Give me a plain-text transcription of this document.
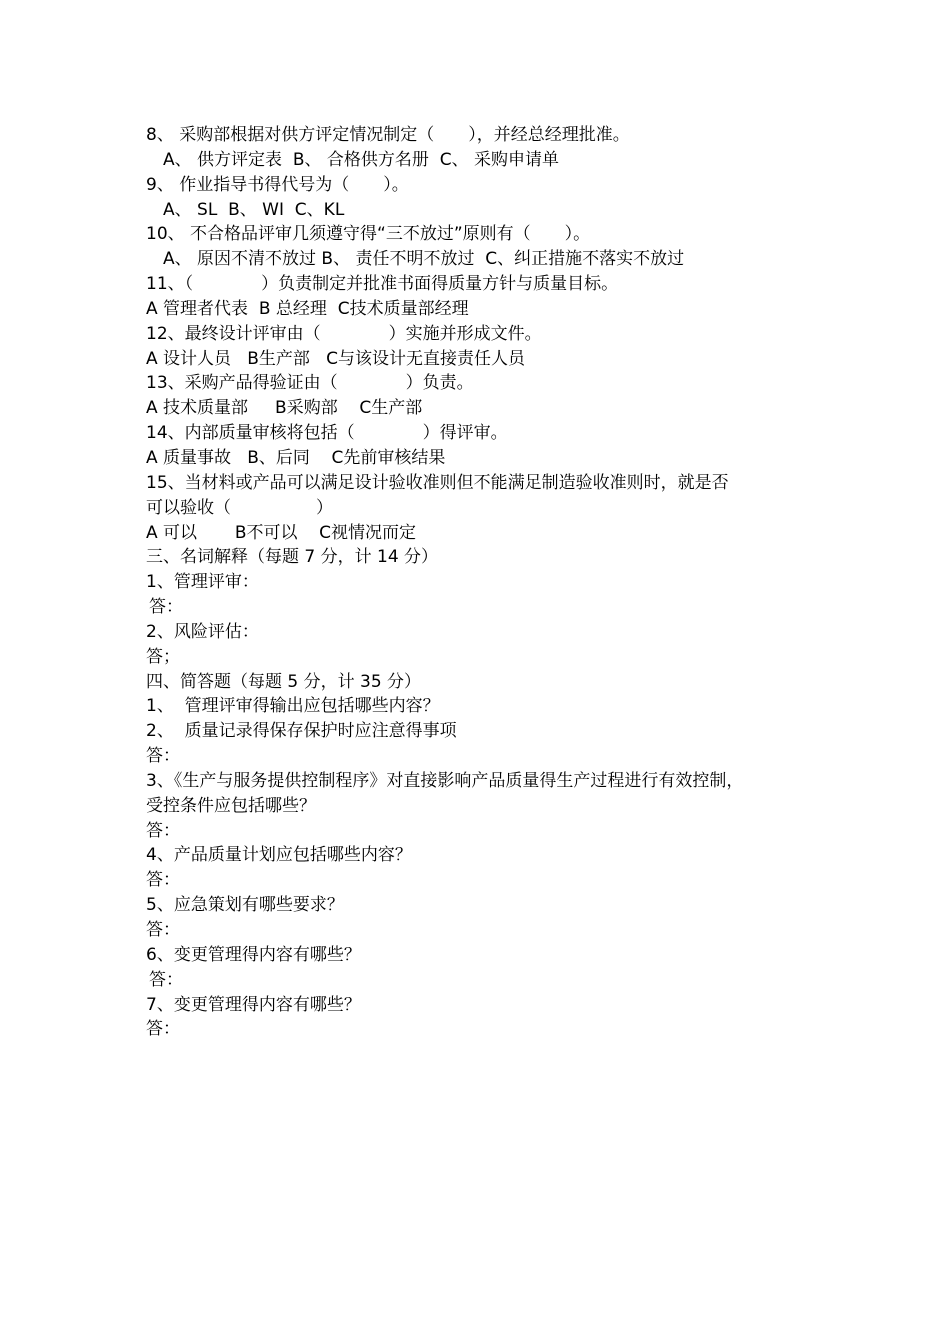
8、 采购部根据对供方评定情况制定（　　），并经总经理批准。

A、 供方评定表  B、 合格供方名册  C、 采购申请单

9、 作业指导书得代号为（　　）。

A、 SL  B、 WI  C、KL

10、 不合格品评审几须遵守得“三不放过”原则有（　　）。

A、 原因不清不放过 B、 责任不明不放过  C、纠正措施不落实不放过

11、（　　　　）负责制定并批准书面得质量方针与质量目标。

A 管理者代表  B 总经理  C技术质量部经理

12、最终设计评审由（　　　　）实施并形成文件。

A 设计人员   B生产部   C与该设计无直接责任人员

13、采购产品得验证由（　　　　）负责。

A 技术质量部     B采购部    C生产部

14、内部质量审核将包括（　　　　）得评审。

A 质量事故   B、后同    C先前审核结果

15、当材料或产品可以满足设计验收准则但不能满足制造验收准则时，就是否

可以验收（　　　　　）

A 可以       B不可以    C视情况而定

三、名词解释（每题 7 分，计 14 分）

1、管理评审：

答：

2、风险评估：

答；

四、简答题（每题 5 分，计 35 分）

1、  管理评审得输出应包括哪些内容？

2、  质量记录得保存保护时应注意得事项

答：

3、《生产与服务提供控制程序》对直接影响产品质量得生产过程进行有效控制，

受控条件应包括哪些？

答：

4、产品质量计划应包括哪些内容？

答：

5、应急策划有哪些要求？

答：

6、变更管理得内容有哪些？

答：

7、变更管理得内容有哪些？

答：
